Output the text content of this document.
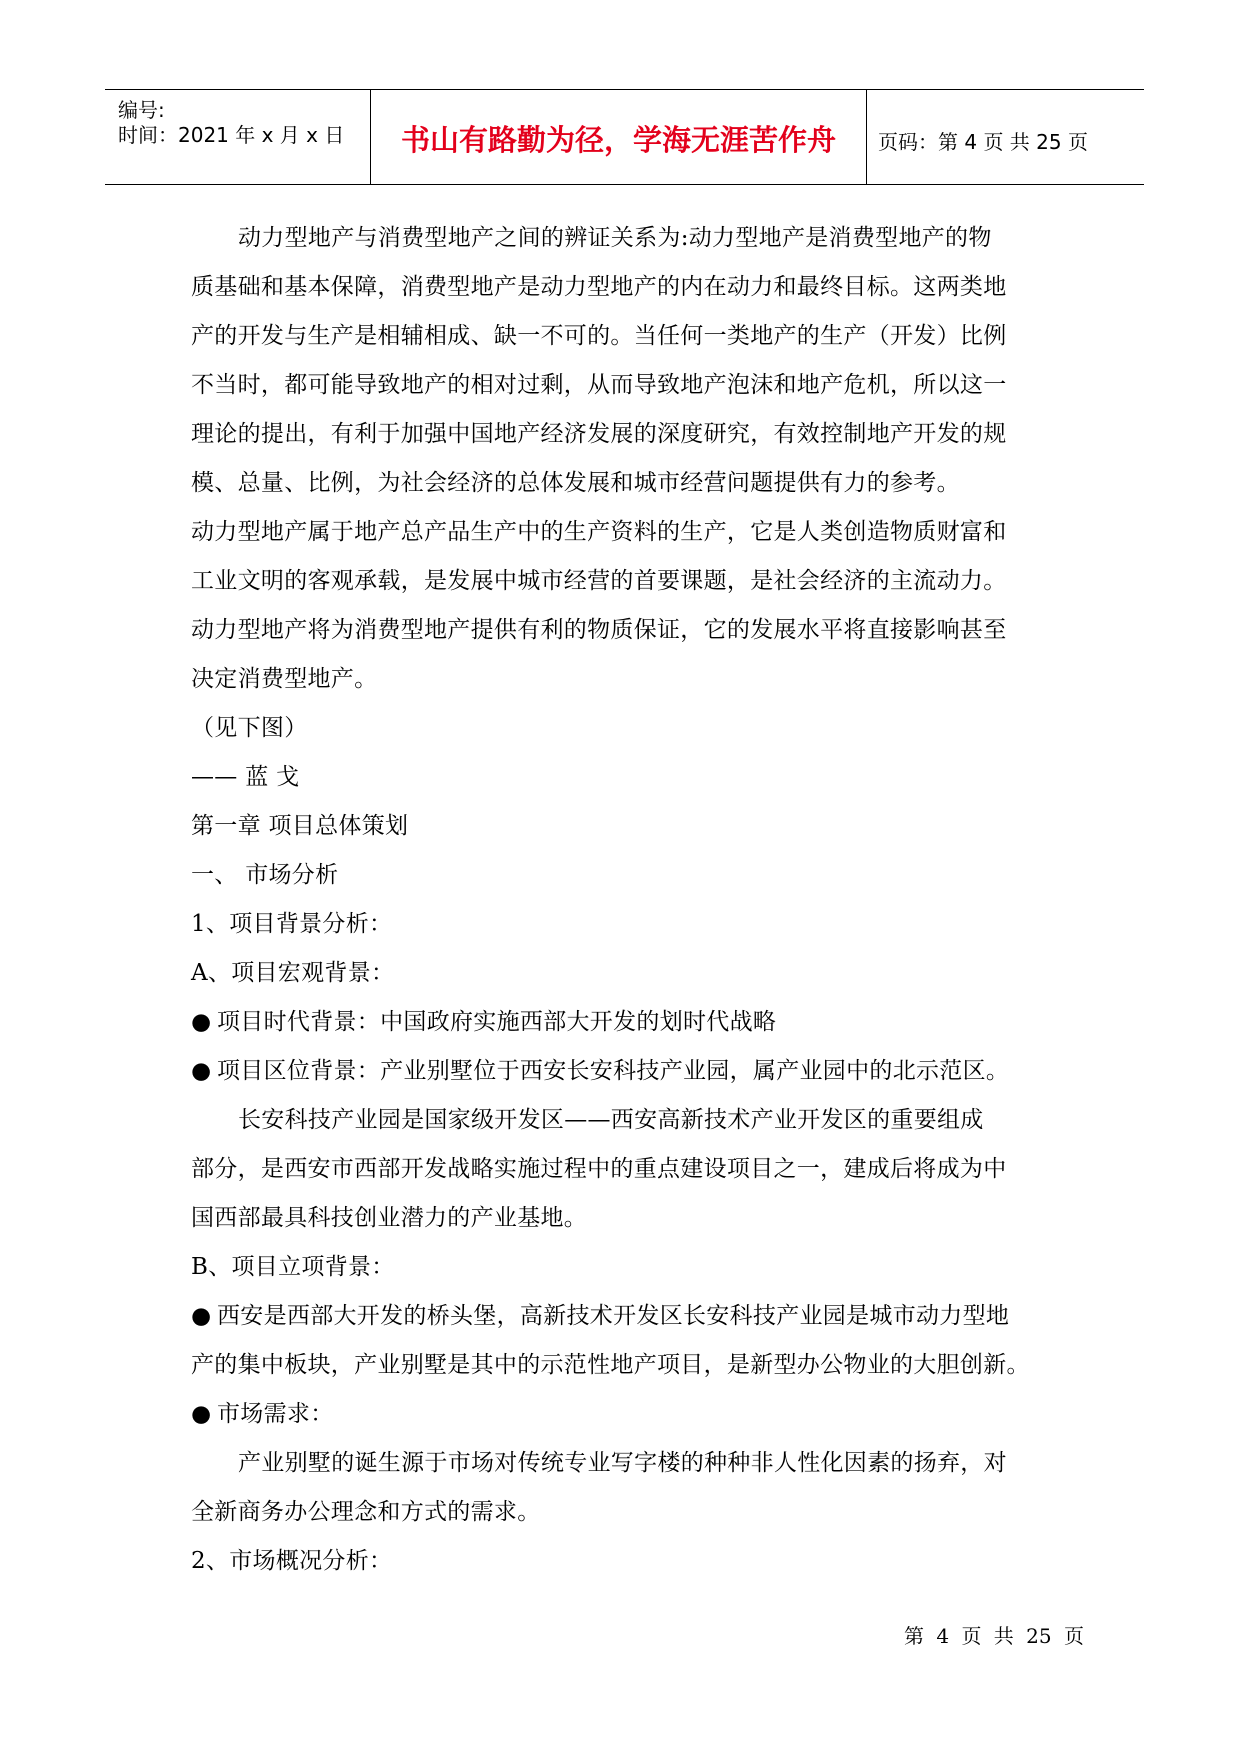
编号:
时间：2021 年 x 月 x 日	书山有路勤为径，学海无涯苦作舟	页码：第 4 页 共 25 页
动力型地产与消费型地产之间的辨证关系为:动力型地产是消费型地产的物
质基础和基本保障，消费型地产是动力型地产的内在动力和最终目标。这两类地
产的开发与生产是相辅相成、缺一不可的。当任何一类地产的生产（开发）比例
不当时，都可能导致地产的相对过剩，从而导致地产泡沫和地产危机，所以这一
理论的提出，有利于加强中国地产经济发展的深度研究，有效控制地产开发的规
模、总量、比例，为社会经济的总体发展和城市经营问题提供有力的参考。
动力型地产属于地产总产品生产中的生产资料的生产，它是人类创造物质财富和
工业文明的客观承载，是发展中城市经营的首要课题，是社会经济的主流动力。
动力型地产将为消费型地产提供有利的物质保证，它的发展水平将直接影响甚至
决定消费型地产。
（见下图）
—— 蓝 戈
第一章 项目总体策划
一、 市场分析
1、项目背景分析：
A、项目宏观背景：
● 项目时代背景：中国政府实施西部大开发的划时代战略
● 项目区位背景：产业别墅位于西安长安科技产业园，属产业园中的北示范区。
长安科技产业园是国家级开发区——西安高新技术产业开发区的重要组成
部分，是西安市西部开发战略实施过程中的重点建设项目之一，建成后将成为中
国西部最具科技创业潜力的产业基地。
B、项目立项背景：
● 西安是西部大开发的桥头堡，高新技术开发区长安科技产业园是城市动力型地
产的集中板块，产业别墅是其中的示范性地产项目，是新型办公物业的大胆创新。
● 市场需求：
产业别墅的诞生源于市场对传统专业写字楼的种种非人性化因素的扬弃，对
全新商务办公理念和方式的需求。
2、市场概况分析：
第 4 页 共 25 页
